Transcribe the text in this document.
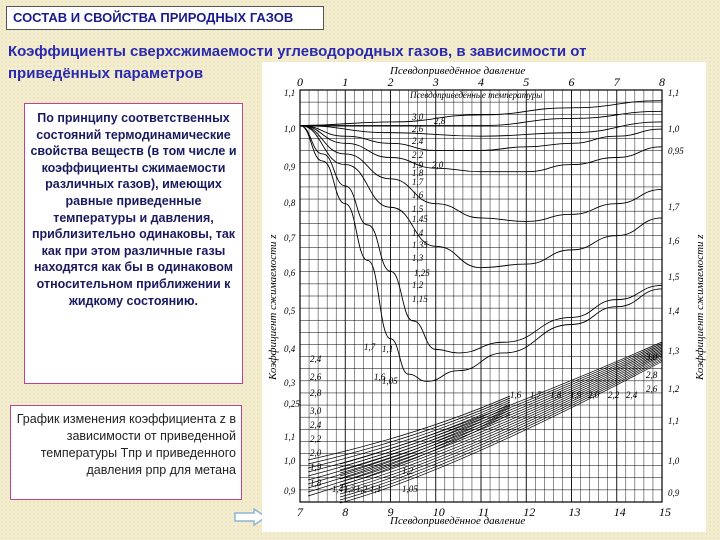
СОСТАВ И СВОЙСТВА ПРИРОДНЫХ ГАЗОВ
Коэффициенты сверхсжимаемости углеводородных газов, в зависимости от
приведённых параметров
По принципу соответственных состояний термодинамические свойства веществ (в том числе и коэффициенты сжимаемости различных газов), имеющих равные приведенные температуры и давления, приблизительно одинаковы, так как при этом различные газы находятся как бы в одинаковом относительном приближении к жидкому состоянию.
График изменения коэффициента z в зависимости от приведенной температуры Tпр и приведенного давления pпр для метана
0	1	2	3	4	5	6	7	8
7	8	9	10	11	12	13	14	15
1,1
1,0
0,9
0,8
0,7
0,6
0,5
0,4
0,3
0,25
1,1
1,0
0,9
1,1
1,0
0,95
1,7
1,6
1,5
1,4
1,3
1,2
1,1
1,0
0,9
3,0 2,8
2,6
2,4
2,2
2,0
1,9
1,8
1,7
1,6
1,5
1,45
1,4
1,35
1,3
1,25
1,2
1,15
1,1
1,05
2,4
2,6
2,8
3,0
2,4
2,2
2,0
1,9
1,8
1,7
1,6
1,4 1,3 1,2 1,1 1,05
1,6 1,7 1,8 1,9 2,0 2,2 2,4
3,0
2,8
2,6
1,2
Псевдоприведённое давление
Псевдоприведённое давление
Псевдоприведённые температуры
Коэффициент сжимаемости z	Коэффициент сжимаемости z
